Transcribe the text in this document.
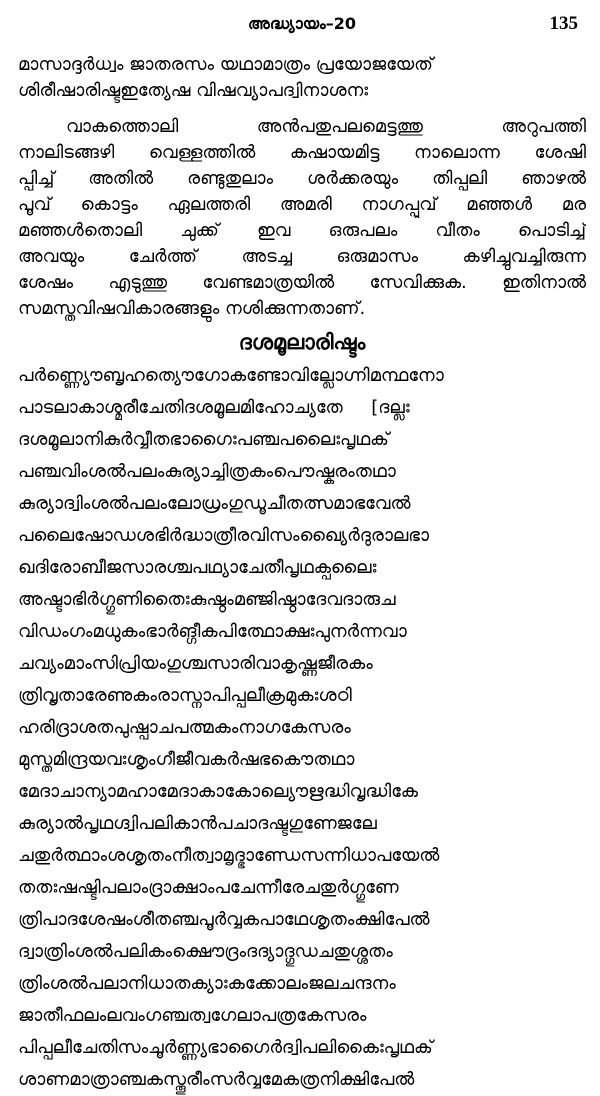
അദ്ധ്യായം–20	135
മാസാദ്ദർധ്വം ജാതരസം യഥാമാത്രം പ്രയോജയേത്
ശിരീഷാരിഷ്ടഇത്യേഷ വിഷവ്യാപദ്വിനാശനഃ
വാകത്തൊലി അൻപതുപലമെട്ടത്തു അറുപത്തി
നാലിടങ്ങഴി വെള്ളത്തിൽ കഷായമിട്ട നാലൊന്ന ശേഷി
പ്പിച്ച് അതിൽ രണ്ടുതുലാം ശർക്കരയും തിപ്പലി ഞാഴൽ
പൂവ് കൊട്ടം ഏലത്തരി അമരി നാഗപ്പൂവ് മഞ്ഞൾ മര
മഞ്ഞൾതൊലി ചുക്ക് ഇവ ഒരുപലം വീതം പൊടിച്ച്
അവയും ചേർത്ത് അടച്ച ഒരുമാസം കഴിച്ചുവച്ചിരുന്ന
ശേഷം എടുത്തു വേണ്ടമാത്രയിൽ സേവിക്കുക. ഇതിനാൽ
സമസ്തവിഷവികാരങ്ങളും നശിക്കുന്നതാണ്.
ദശമൂലാരിഷ്ടം
പർണ്ണ്യൌബൃഹത്യൌഗോകണ്ടോവില്ലോഗ്നിമന്ഥനോ
പാടലാകാശ്മരീചേതിദശമൂലമിഹോച്യതേ     [ദല്ലഃ
ദശമൂലാനികുർവ്വീതഭാഗൈഃപഞ്ചപലൈഃപൃഥക്
പഞ്ചവിംശൽപലംകുര്യാച്ചിത്രകംപൌഷ്കരംതഥാ
കുര്യാദ്വിംശൽപലംലോധ്രംഗുഡൂചീതത്സമാഭവേൽ
പലൈഷോഡശഭിർദ്ധാത്രീരവിസംഖ്യൈർദുരാലഭാ
ഖദിരോബീജസാരശ്ചപഥ്യാചേതീപൃഥക്പലൈഃ
അഷ്ടാഭിർഗ്ഗുണിതൈഃകുഷ്ഠംമഞ്ജിഷ്ഠാദേവദാരുച
വിഡംഗംമധുകംഭാർങ്ഗീകപിത്ഥോക്ഷഃപുനർന്നവാ
ചവ്യംമാംസിപ്രിയംഗുശ്ചസാരിവാകൃഷ്ണജീരകം
ത്രിവൃതാരേണുകംരാസ്നാപിപ്പലീക്രമുകഃശഠി
ഹരിദ്രാശതപുഷ്പാചപത്മകംനാഗകേസരം
മുസ്തമിന്ദ്രയവഃശൃംഗീജീവകർഷഭകൌതഥാ
മേദാചാന്യാമഹാമേദാകാകോല്യൌഋദ്ധിവൃദ്ധികേ
കുര്യാൽപൃഥഗ്ദ്വിപലികാൻപചാദഷ്ടഗുണേജലേ
ചതുർത്ഥാംശശൃതംനീത്വാമൃദ്ഭാണ്ഡേസന്നിധാപയേൽ
തതഃഷഷ്ടിപലാംദ്രാക്ഷാംപചേന്നീരേചതുർഗ്ഗുണേ
ത്രിപാദശേഷംശീതഞ്ചപൂർവ്വകപാഥേശൃതംക്ഷിപേൽ
ദ്വാത്രിംശൽപലികംക്ഷൌദ്രംദദ്യാദ്ഗുഡചതുശ്ശതം
ത്രിംശൽപലാനിധാതക്യാഃകക്കോലംജലചന്ദനം
ജാതീഫലംലവംഗഞ്ചത്വഗേലാപത്രകേസരം
പിപ്പലീചേതിസംചൂർണ്ണ്യഭാഗൈർദ്വിപലികൈഃപൃഥക്
ശാണമാത്രാഞ്ചകസ്തൂരീംസർവ്വമേകത്രനിക്ഷിപേൽ
